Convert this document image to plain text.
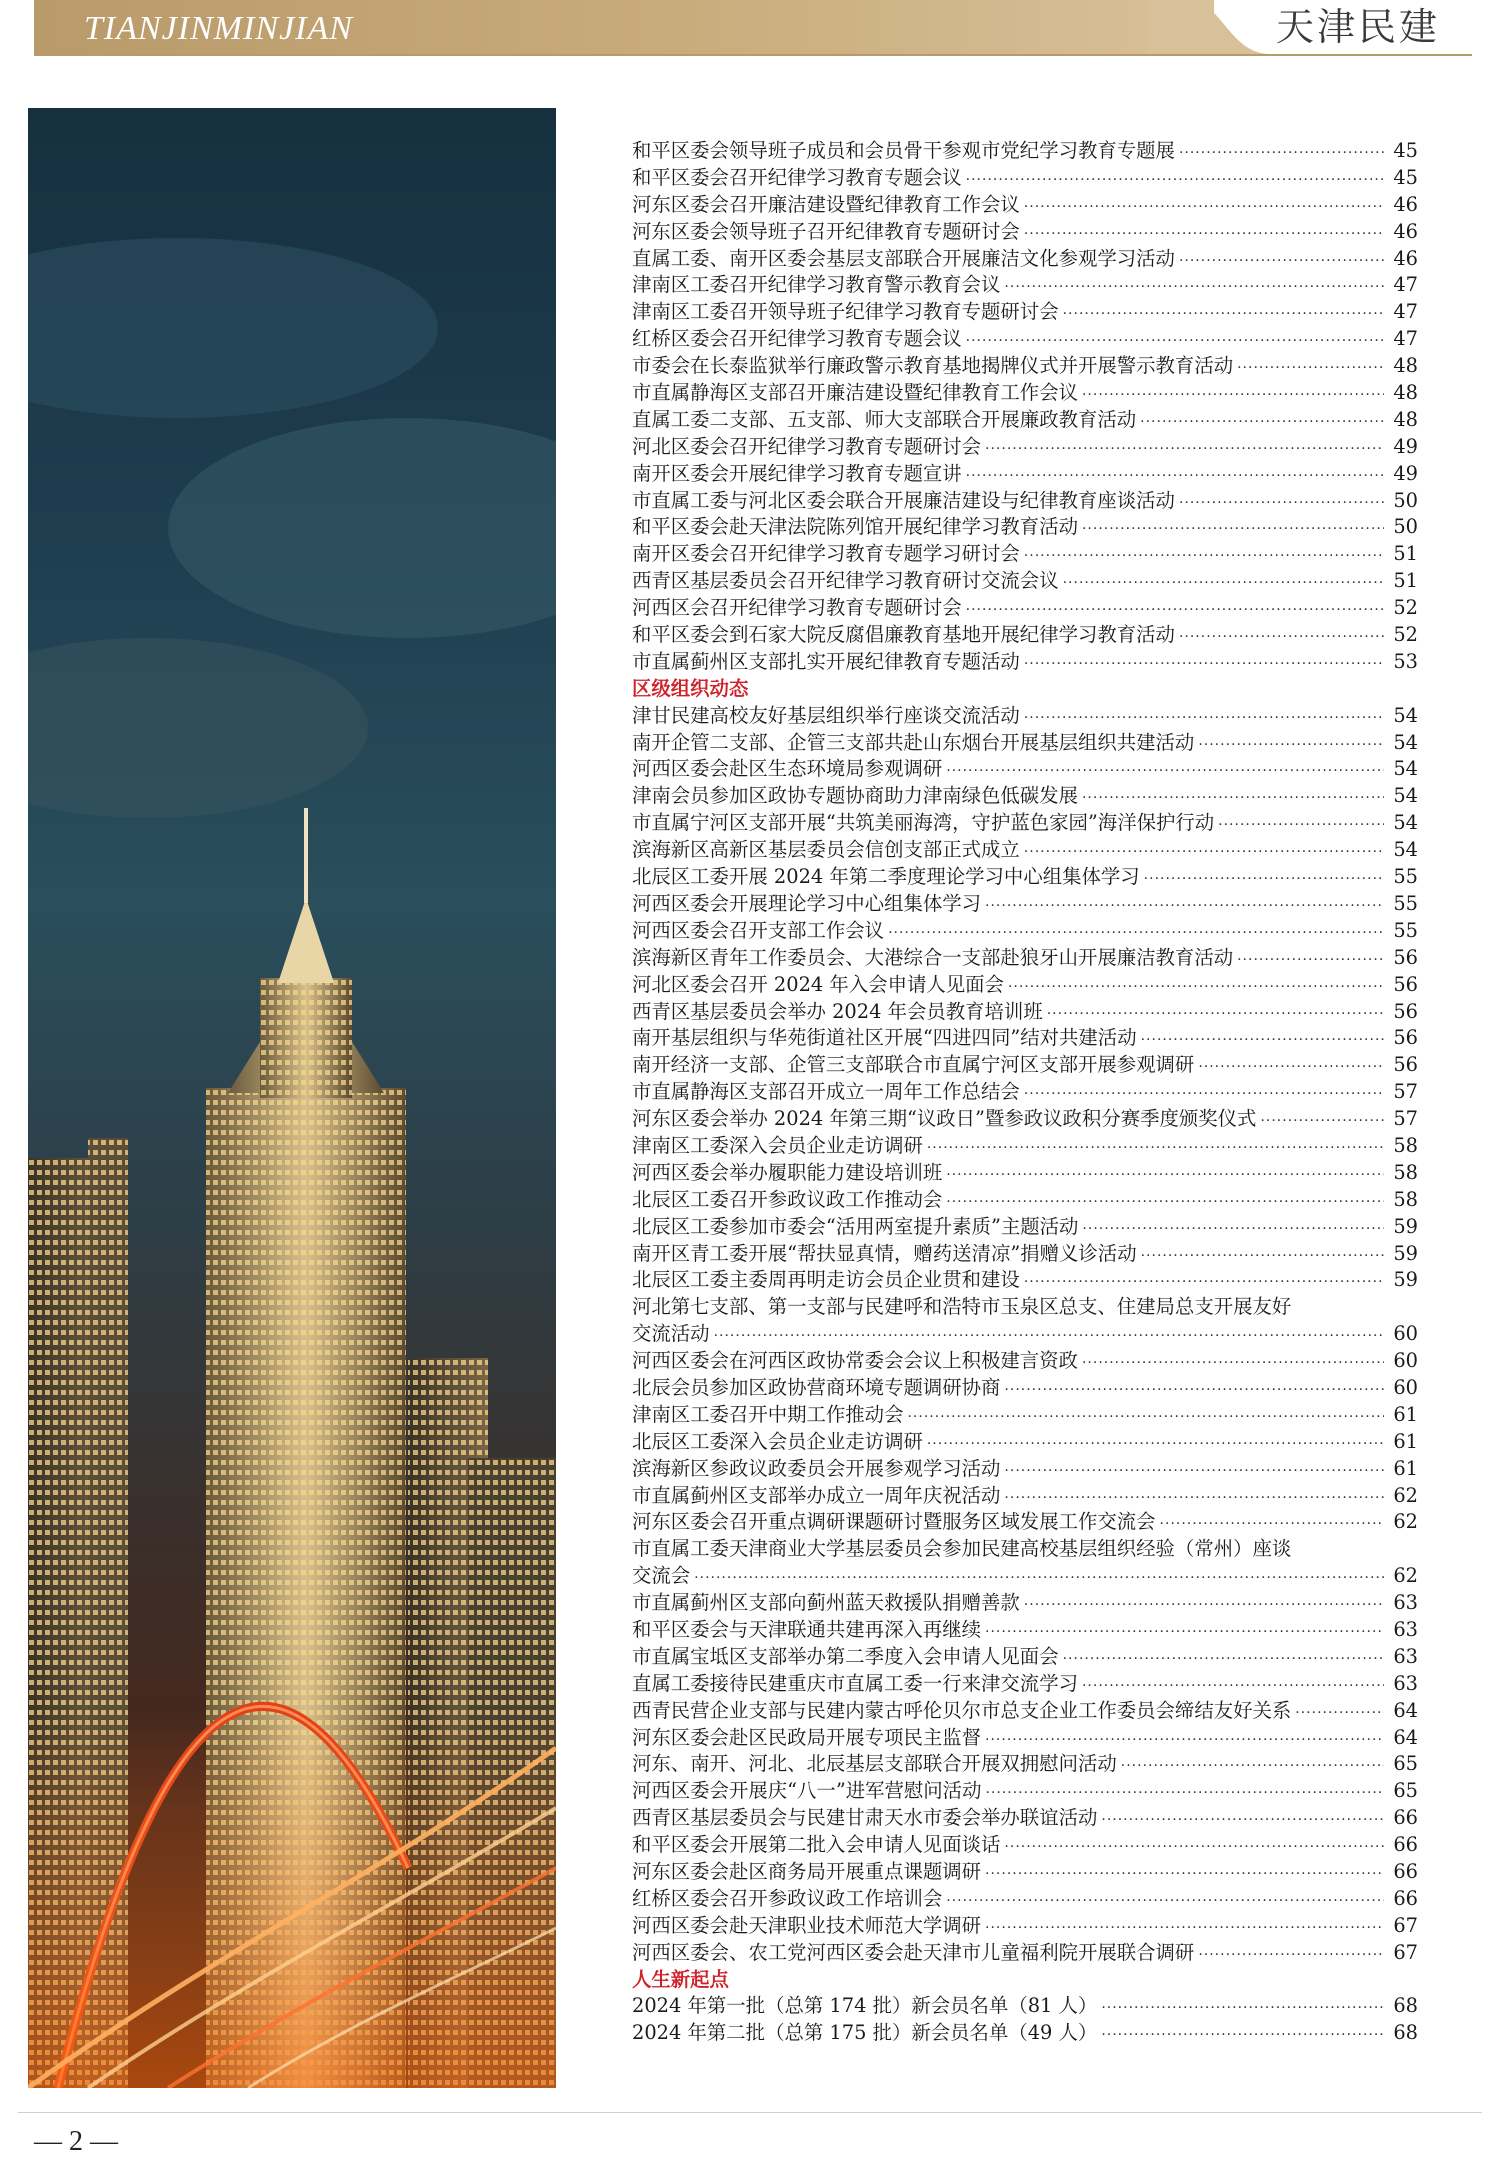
TIANJINMINJIAN	天津民建
和平区委会领导班子成员和会员骨干参观市党纪学习教育专题展 ·····	45
和平区委会召开纪律学习教育专题会议 ·····	45
河东区委会召开廉洁建设暨纪律教育工作会议 ·····	46
河东区委会领导班子召开纪律教育专题研讨会 ·····	46
直属工委、南开区委会基层支部联合开展廉洁文化参观学习活动 ·····	46
津南区工委召开纪律学习教育警示教育会议 ·····	47
津南区工委召开领导班子纪律学习教育专题研讨会 ·····	47
红桥区委会召开纪律学习教育专题会议 ·····	47
市委会在长泰监狱举行廉政警示教育基地揭牌仪式并开展警示教育活动 ·····	48
市直属静海区支部召开廉洁建设暨纪律教育工作会议 ·····	48
直属工委二支部、五支部、师大支部联合开展廉政教育活动 ·····	48
河北区委会召开纪律学习教育专题研讨会 ·····	49
南开区委会开展纪律学习教育专题宣讲 ·····	49
市直属工委与河北区委会联合开展廉洁建设与纪律教育座谈活动 ·····	50
和平区委会赴天津法院陈列馆开展纪律学习教育活动 ·····	50
南开区委会召开纪律学习教育专题学习研讨会 ·····	51
西青区基层委员会召开纪律学习教育研讨交流会议 ·····	51
河西区会召开纪律学习教育专题研讨会 ·····	52
和平区委会到石家大院反腐倡廉教育基地开展纪律学习教育活动 ·····	52
市直属蓟州区支部扎实开展纪律教育专题活动 ·····	53
区级组织动态
津甘民建高校友好基层组织举行座谈交流活动 ·····	54
南开企管二支部、企管三支部共赴山东烟台开展基层组织共建活动 ·····	54
河西区委会赴区生态环境局参观调研 ·····	54
津南会员参加区政协专题协商助力津南绿色低碳发展 ·····	54
市直属宁河区支部开展“共筑美丽海湾，守护蓝色家园”海洋保护行动 ·····	54
滨海新区高新区基层委员会信创支部正式成立 ·····	54
北辰区工委开展 2024 年第二季度理论学习中心组集体学习 ·····	55
河西区委会开展理论学习中心组集体学习 ·····	55
河西区委会召开支部工作会议 ·····	55
滨海新区青年工作委员会、大港综合一支部赴狼牙山开展廉洁教育活动 ·····	56
河北区委会召开 2024 年入会申请人见面会 ·····	56
西青区基层委员会举办 2024 年会员教育培训班 ·····	56
南开基层组织与华苑街道社区开展“四进四同”结对共建活动 ·····	56
南开经济一支部、企管三支部联合市直属宁河区支部开展参观调研 ·····	56
市直属静海区支部召开成立一周年工作总结会 ·····	57
河东区委会举办 2024 年第三期“议政日”暨参政议政积分赛季度颁奖仪式 ·····	57
津南区工委深入会员企业走访调研 ·····	58
河西区委会举办履职能力建设培训班 ·····	58
北辰区工委召开参政议政工作推动会 ·····	58
北辰区工委参加市委会“活用两室提升素质”主题活动 ·····	59
南开区青工委开展“帮扶显真情，赠药送清凉”捐赠义诊活动 ·····	59
北辰区工委主委周再明走访会员企业贯和建设 ·····	59
河北第七支部、第一支部与民建呼和浩特市玉泉区总支、住建局总支开展友好
交流活动 ·····	60
河西区委会在河西区政协常委会会议上积极建言资政 ·····	60
北辰会员参加区政协营商环境专题调研协商 ·····	60
津南区工委召开中期工作推动会 ·····	61
北辰区工委深入会员企业走访调研 ·····	61
滨海新区参政议政委员会开展参观学习活动 ·····	61
市直属蓟州区支部举办成立一周年庆祝活动 ·····	62
河东区委会召开重点调研课题研讨暨服务区域发展工作交流会 ·····	62
市直属工委天津商业大学基层委员会参加民建高校基层组织经验（常州）座谈
交流会 ·····	62
市直属蓟州区支部向蓟州蓝天救援队捐赠善款 ·····	63
和平区委会与天津联通共建再深入再继续 ·····	63
市直属宝坻区支部举办第二季度入会申请人见面会 ·····	63
直属工委接待民建重庆市直属工委一行来津交流学习 ·····	63
西青民营企业支部与民建内蒙古呼伦贝尔市总支企业工作委员会缔结友好关系 ·····	64
河东区委会赴区民政局开展专项民主监督 ·····	64
河东、南开、河北、北辰基层支部联合开展双拥慰问活动 ·····	65
河西区委会开展庆“八一”进军营慰问活动 ·····	65
西青区基层委员会与民建甘肃天水市委会举办联谊活动 ·····	66
和平区委会开展第二批入会申请人见面谈话 ·····	66
河东区委会赴区商务局开展重点课题调研 ·····	66
红桥区委会召开参政议政工作培训会 ·····	66
河西区委会赴天津职业技术师范大学调研 ·····	67
河西区委会、农工党河西区委会赴天津市儿童福利院开展联合调研 ·····	67
人生新起点
2024 年第一批（总第 174 批）新会员名单（81 人） ·····	68
2024 年第二批（总第 175 批）新会员名单（49 人） ·····	68
— 2 —
